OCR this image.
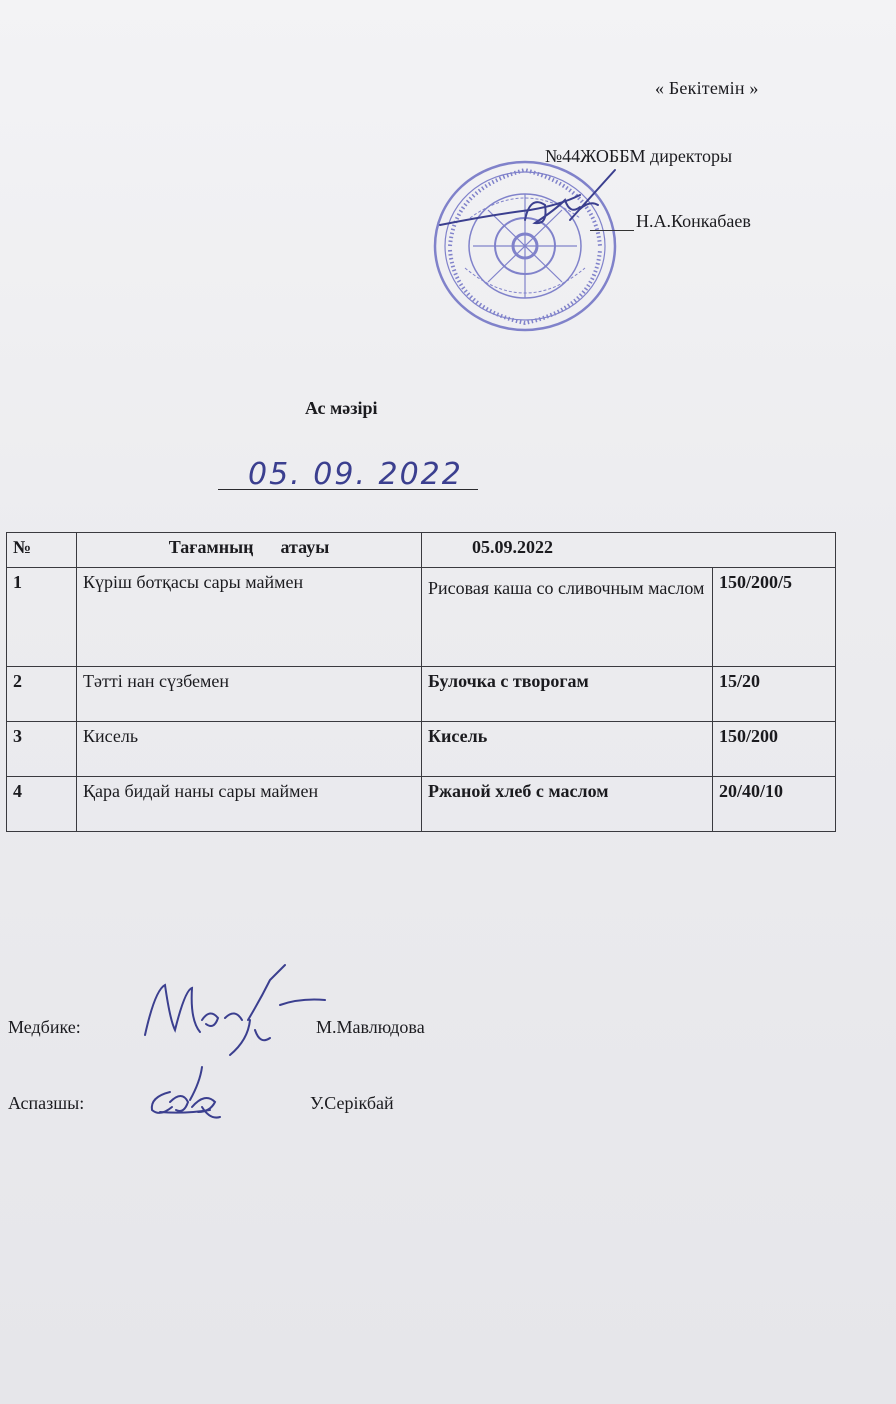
« Бекітемін »
№44ЖОББМ директоры
Н.А.Конкабаев
Ас мәзірі
05. 09. 2022
№	Тағамның      атауы	05.09.2022	
1	Күріш ботқасы сары маймен	Рисовая каша со сливочным маслом	150/200/5
2	Тәтті нан сүзбемен	Булочка с творогам	15/20
3	Кисель	Кисель	150/200
4	Қара бидай наны сары маймен	Ржаной хлеб с маслом	20/40/10
Медбике:	М.Мавлюдова
Аспазшы:	У.Серікбай
